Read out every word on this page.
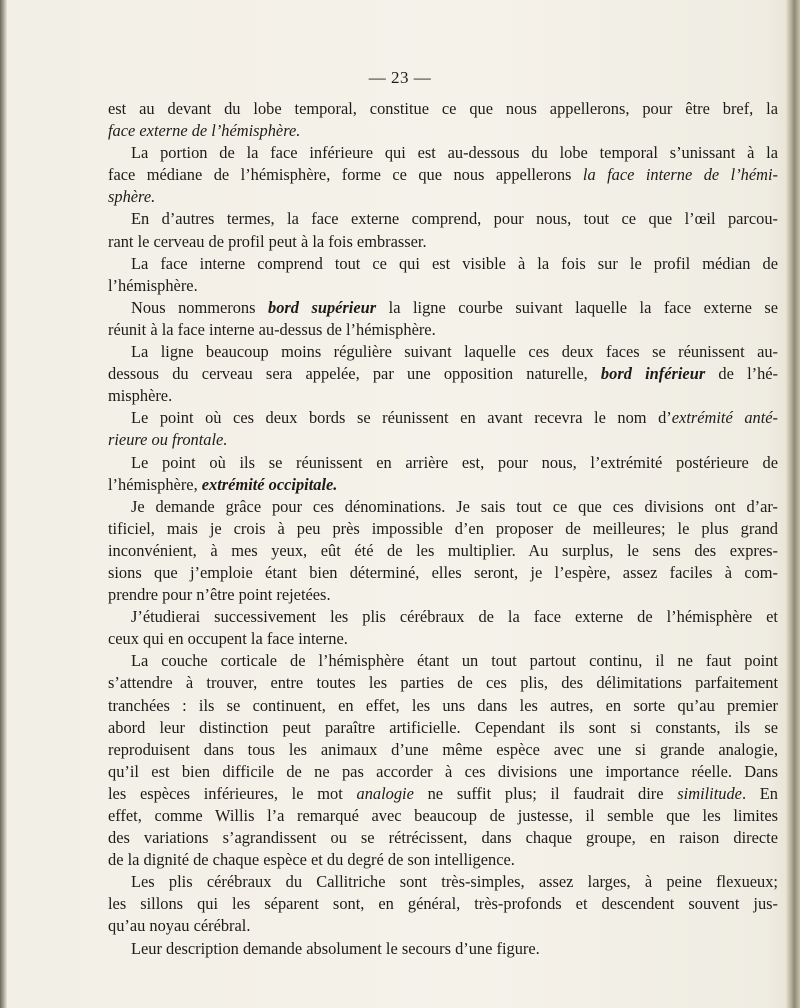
— 23 —
est au devant du lobe temporal, constitue ce que nous appellerons, pour être bref, la
face externe de l’hémisphère.
La portion de la face inférieure qui est au-dessous du lobe temporal s’unissant à la
face médiane de l’hémisphère, forme ce que nous appellerons la face interne de l’hémi-
sphère.
En d’autres termes, la face externe comprend, pour nous, tout ce que l’œil parcou-
rant le cerveau de profil peut à la fois embrasser.
La face interne comprend tout ce qui est visible à la fois sur le profil médian de
l’hémisphère.
Nous nommerons bord supérieur la ligne courbe suivant laquelle la face externe se
réunit à la face interne au-dessus de l’hémisphère.
La ligne beaucoup moins régulière suivant laquelle ces deux faces se réunissent au-
dessous du cerveau sera appelée, par une opposition naturelle, bord inférieur de l’hé-
misphère.
Le point où ces deux bords se réunissent en avant recevra le nom d’extrémité anté-
rieure ou frontale.
Le point où ils se réunissent en arrière est, pour nous, l’extrémité postérieure de
l’hémisphère, extrémité occipitale.
Je demande grâce pour ces dénominations. Je sais tout ce que ces divisions ont d’ar-
tificiel, mais je crois à peu près impossible d’en proposer de meilleures; le plus grand
inconvénient, à mes yeux, eût été de les multiplier. Au surplus, le sens des expres-
sions que j’emploie étant bien déterminé, elles seront, je l’espère, assez faciles à com-
prendre pour n’être point rejetées.
J’étudierai successivement les plis cérébraux de la face externe de l’hémisphère et
ceux qui en occupent la face interne.
La couche corticale de l’hémisphère étant un tout partout continu, il ne faut point
s’attendre à trouver, entre toutes les parties de ces plis, des délimitations parfaitement
tranchées : ils se continuent, en effet, les uns dans les autres, en sorte qu’au premier
abord leur distinction peut paraître artificielle. Cependant ils sont si constants, ils se
reproduisent dans tous les animaux d’une même espèce avec une si grande analogie,
qu’il est bien difficile de ne pas accorder à ces divisions une importance réelle. Dans
les espèces inférieures, le mot analogie ne suffit plus; il faudrait dire similitude. En
effet, comme Willis l’a remarqué avec beaucoup de justesse, il semble que les limites
des variations s’agrandissent ou se rétrécissent, dans chaque groupe, en raison directe
de la dignité de chaque espèce et du degré de son intelligence.
Les plis cérébraux du Callitriche sont très-simples, assez larges, à peine flexueux;
les sillons qui les séparent sont, en général, très-profonds et descendent souvent jus-
qu’au noyau cérébral.
Leur description demande absolument le secours d’une figure.
